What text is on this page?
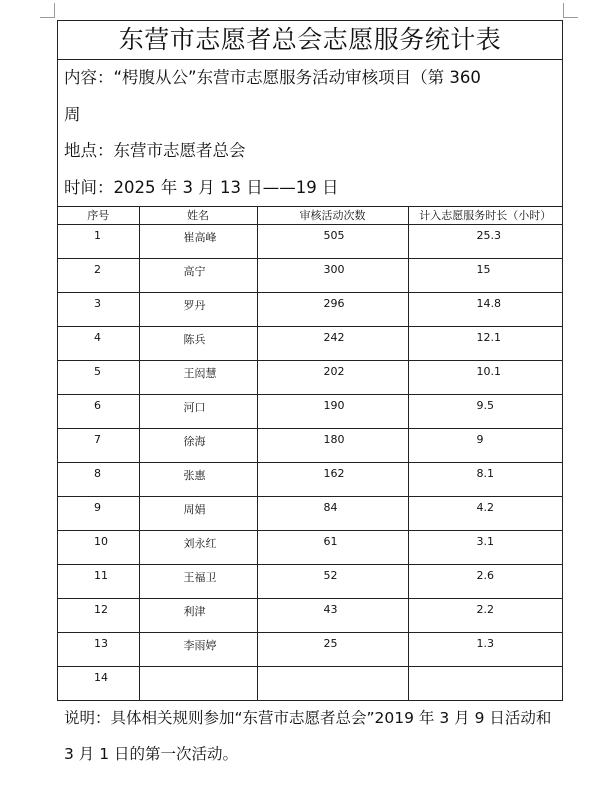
东营市志愿者总会志愿服务统计表
内容：“枵腹从公”东营市志愿服务活动审核项目（第 360
周
地点：东营市志愿者总会
时间：2025 年 3 月 13 日——19 日
序号	姓名	审核活动次数	计入志愿服务时长（小时）

1	崔高峰	505	25.3

2	高宁	300	15

3	罗丹	296	14.8

4	陈兵	242	12.1

5	王闳慧	202	10.1

6	河口	190	9.5

7	徐海	180	9

8	张惠	162	8.1

9	周娟	84	4.2

10	刘永红	61	3.1

11	王福卫	52	2.6

12	利津	43	2.2

13	李雨婷	25	1.3

14			

说明：具体相关规则参加“东营市志愿者总会”2019 年 3 月 9 日活动和 3 月 1 日的第一次活动。
